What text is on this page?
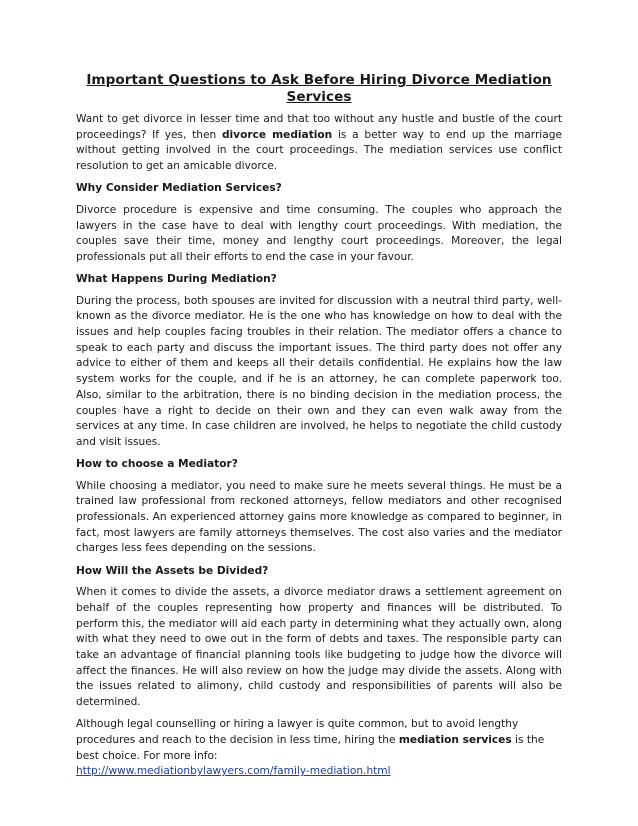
Important Questions to Ask Before Hiring Divorce Mediation Services
Want to get divorce in lesser time and that too without any hustle and bustle of the court proceedings? If yes, then divorce mediation is a better way to end up the marriage without getting involved in the court proceedings. The mediation services use conflict resolution to get an amicable divorce.
Why Consider Mediation Services?
Divorce procedure is expensive and time consuming. The couples who approach the lawyers in the case have to deal with lengthy court proceedings. With mediation, the couples save their time, money and lengthy court proceedings. Moreover, the legal professionals put all their efforts to end the case in your favour.
What Happens During Mediation?
During the process, both spouses are invited for discussion with a neutral third party, well-known as the divorce mediator. He is the one who has knowledge on how to deal with the issues and help couples facing troubles in their relation. The mediator offers a chance to speak to each party and discuss the important issues. The third party does not offer any advice to either of them and keeps all their details confidential. He explains how the law system works for the couple, and if he is an attorney, he can complete paperwork too. Also, similar to the arbitration, there is no binding decision in the mediation process, the couples have a right to decide on their own and they can even walk away from the services at any time. In case children are involved, he helps to negotiate the child custody and visit issues.
How to choose a Mediator?
While choosing a mediator, you need to make sure he meets several things. He must be a trained law professional from reckoned attorneys, fellow mediators and other recognised professionals. An experienced attorney gains more knowledge as compared to beginner, in fact, most lawyers are family attorneys themselves. The cost also varies and the mediator charges less fees depending on the sessions.
How Will the Assets be Divided?
When it comes to divide the assets, a divorce mediator draws a settlement agreement on behalf of the couples representing how property and finances will be distributed. To perform this, the mediator will aid each party in determining what they actually own, along with what they need to owe out in the form of debts and taxes. The responsible party can take an advantage of financial planning tools like budgeting to judge how the divorce will affect the finances. He will also review on how the judge may divide the assets. Along with the issues related to alimony, child custody and responsibilities of parents will also be determined.
Although legal counselling or hiring a lawyer is quite common, but to avoid lengthy procedures and reach to the decision in less time, hiring the mediation services is the best choice. For more info:
http://www.mediationbylawyers.com/family-mediation.html
